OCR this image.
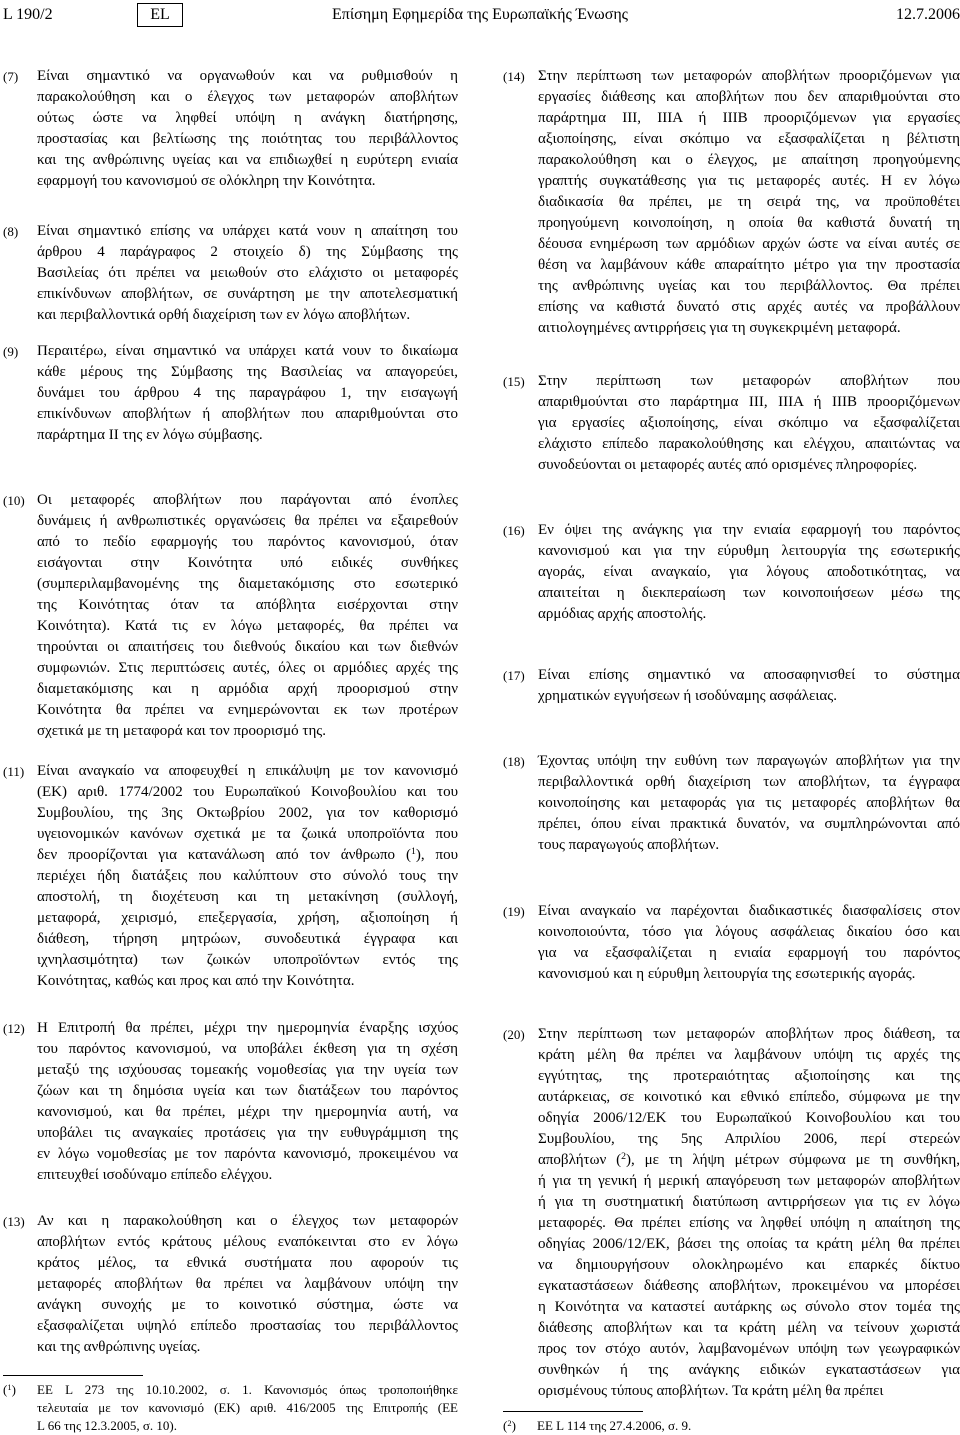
L 190/2	EL	Επίσημη Εφημερίδα της Ευρωπαϊκής Ένωσης	12.7.2006
(7) Είναι σημαντικό να οργανωθούν και να ρυθμισθούν η
παρακολούθηση και ο έλεγχος των μεταφορών αποβλήτων
ούτως ώστε να ληφθεί υπόψη η ανάγκη διατήρησης,
προστασίας και βελτίωσης της ποιότητας του περιβάλλοντος
και της ανθρώπινης υγείας και να επιδιωχθεί η ευρύτερη ενιαία
εφαρμογή του κανονισμού σε ολόκληρη την Κοινότητα.
(8) Είναι σημαντικό επίσης να υπάρχει κατά νουν η απαίτηση του
άρθρου 4 παράγραφος 2 στοιχείο δ) της Σύμβασης της
Βασιλείας ότι πρέπει να μειωθούν στο ελάχιστο οι μεταφορές
επικίνδυνων αποβλήτων, σε συνάρτηση με την αποτελεσματική
και περιβαλλοντικά ορθή διαχείριση των εν λόγω αποβλήτων.
(9) Περαιτέρω, είναι σημαντικό να υπάρχει κατά νουν το δικαίωμα
κάθε μέρους της Σύμβασης της Βασιλείας να απαγορεύει,
δυνάμει του άρθρου 4 της παραγράφου 1, την εισαγωγή
επικίνδυνων αποβλήτων ή αποβλήτων που απαριθμούνται στο
παράρτημα II της εν λόγω σύμβασης.
(10) Οι μεταφορές αποβλήτων που παράγονται από ένοπλες
δυνάμεις ή ανθρωπιστικές οργανώσεις θα πρέπει να εξαιρεθούν
από το πεδίο εφαρμογής του παρόντος κανονισμού, όταν
εισάγονται στην Κοινότητα υπό ειδικές συνθήκες
(συμπεριλαμβανομένης της διαμετακόμισης στο εσωτερικό
της Κοινότητας όταν τα απόβλητα εισέρχονται στην
Κοινότητα). Κατά τις εν λόγω μεταφορές, θα πρέπει να
τηρούνται οι απαιτήσεις του διεθνούς δικαίου και των διεθνών
συμφωνιών. Στις περιπτώσεις αυτές, όλες οι αρμόδιες αρχές της
διαμετακόμισης και η αρμόδια αρχή προορισμού στην
Κοινότητα θα πρέπει να ενημερώνονται εκ των προτέρων
σχετικά με τη μεταφορά και τον προορισμό της.
(11) Είναι αναγκαίο να αποφευχθεί η επικάλυψη με τον κανονισμό
(ΕΚ) αριθ. 1774/2002 του Ευρωπαϊκού Κοινοβουλίου και του
Συμβουλίου, της 3ης Οκτωβρίου 2002, για τον καθορισμό
υγειονομικών κανόνων σχετικά με τα ζωικά υποπροϊόντα που
δεν προορίζονται για κατανάλωση από τον άνθρωπο ($^1$), που
περιέχει ήδη διατάξεις που καλύπτουν στο σύνολό τους την
αποστολή, τη διοχέτευση και τη μετακίνηση (συλλογή,
μεταφορά, χειρισμό, επεξεργασία, χρήση, αξιοποίηση ή
διάθεση, τήρηση μητρώων, συνοδευτικά έγγραφα και
ιχνηλασιμότητα) των ζωικών υποπροϊόντων εντός της
Κοινότητας, καθώς και προς και από την Κοινότητα.
(12) Η Επιτροπή θα πρέπει, μέχρι την ημερομηνία έναρξης ισχύος
του παρόντος κανονισμού, να υποβάλει έκθεση για τη σχέση
μεταξύ της ισχύουσας τομεακής νομοθεσίας για την υγεία των
ζώων και τη δημόσια υγεία και των διατάξεων του παρόντος
κανονισμού, και θα πρέπει, μέχρι την ημερομηνία αυτή, να
υποβάλει τις αναγκαίες προτάσεις για την ευθυγράμμιση της
εν λόγω νομοθεσίας με τον παρόντα κανονισμό, προκειμένου να
επιτευχθεί ισοδύναμο επίπεδο ελέγχου.
(13) Αν και η παρακολούθηση και ο έλεγχος των μεταφορών
αποβλήτων εντός κράτους μέλους εναπόκεινται στο εν λόγω
κράτος μέλος, τα εθνικά συστήματα που αφορούν τις
μεταφορές αποβλήτων θα πρέπει να λαμβάνουν υπόψη την
ανάγκη συνοχής με το κοινοτικό σύστημα, ώστε να
εξασφαλίζεται υψηλό επίπεδο προστασίας του περιβάλλοντος
και της ανθρώπινης υγείας.
($^1$) ΕΕ L 273 της 10.10.2002, σ. 1. Κανονισμός όπως τροποποιήθηκε
τελευταία με τον κανονισμό (ΕΚ) αριθ. 416/2005 της Επιτροπής (ΕΕ
L 66 της 12.3.2005, σ. 10).
(14) Στην περίπτωση των μεταφορών αποβλήτων προοριζόμενων για
εργασίες διάθεσης και αποβλήτων που δεν απαριθμούνται στο
παράρτημα III, IIIA ή IIIB προοριζόμενων για εργασίες
αξιοποίησης, είναι σκόπιμο να εξασφαλίζεται η βέλτιστη
παρακολούθηση και ο έλεγχος, με απαίτηση προηγούμενης
γραπτής συγκατάθεσης για τις μεταφορές αυτές. Η εν λόγω
διαδικασία θα πρέπει, με τη σειρά της, να προϋποθέτει
προηγούμενη κοινοποίηση, η οποία θα καθιστά δυνατή τη
δέουσα ενημέρωση των αρμόδιων αρχών ώστε να είναι αυτές σε
θέση να λαμβάνουν κάθε απαραίτητο μέτρο για την προστασία
της ανθρώπινης υγείας και του περιβάλλοντος. Θα πρέπει
επίσης να καθιστά δυνατό στις αρχές αυτές να προβάλλουν
αιτιολογημένες αντιρρήσεις για τη συγκεκριμένη μεταφορά.
(15) Στην περίπτωση των μεταφορών αποβλήτων που
απαριθμούνται στο παράρτημα III, IIIA ή IIIB προοριζόμενων
για εργασίες αξιοποίησης, είναι σκόπιμο να εξασφαλίζεται
ελάχιστο επίπεδο παρακολούθησης και ελέγχου, απαιτώντας να
συνοδεύονται οι μεταφορές αυτές από ορισμένες πληροφορίες.
(16) Εν όψει της ανάγκης για την ενιαία εφαρμογή του παρόντος
κανονισμού και για την εύρυθμη λειτουργία της εσωτερικής
αγοράς, είναι αναγκαίο, για λόγους αποδοτικότητας, να
απαιτείται η διεκπεραίωση των κοινοποιήσεων μέσω της
αρμόδιας αρχής αποστολής.
(17) Είναι επίσης σημαντικό να αποσαφηνισθεί το σύστημα
χρηματικών εγγυήσεων ή ισοδύναμης ασφάλειας.
(18) Έχοντας υπόψη την ευθύνη των παραγωγών αποβλήτων για την
περιβαλλοντικά ορθή διαχείριση των αποβλήτων, τα έγγραφα
κοινοποίησης και μεταφοράς για τις μεταφορές αποβλήτων θα
πρέπει, όπου είναι πρακτικά δυνατόν, να συμπληρώνονται από
τους παραγωγούς αποβλήτων.
(19) Είναι αναγκαίο να παρέχονται διαδικαστικές διασφαλίσεις στον
κοινοποιούντα, τόσο για λόγους ασφάλειας δικαίου όσο και
για να εξασφαλίζεται η ενιαία εφαρμογή του παρόντος
κανονισμού και η εύρυθμη λειτουργία της εσωτερικής αγοράς.
(20) Στην περίπτωση των μεταφορών αποβλήτων προς διάθεση, τα
κράτη μέλη θα πρέπει να λαμβάνουν υπόψη τις αρχές της
εγγύτητας, της προτεραιότητας αξιοποίησης και της
αυτάρκειας, σε κοινοτικό και εθνικό επίπεδο, σύμφωνα με την
οδηγία 2006/12/ΕΚ του Ευρωπαϊκού Κοινοβουλίου και του
Συμβουλίου, της 5ης Απριλίου 2006, περί στερεών
αποβλήτων ($^2$), με τη λήψη μέτρων σύμφωνα με τη συνθήκη,
ή για τη γενική ή μερική απαγόρευση των μεταφορών αποβλήτων
ή για τη συστηματική διατύπωση αντιρρήσεων για τις εν λόγω
μεταφορές. Θα πρέπει επίσης να ληφθεί υπόψη η απαίτηση της
οδηγίας 2006/12/ΕΚ, βάσει της οποίας τα κράτη μέλη θα πρέπει
να δημιουργήσουν ολοκληρωμένο και επαρκές δίκτυο
εγκαταστάσεων διάθεσης αποβλήτων, προκειμένου να μπορέσει
η Κοινότητα να καταστεί αυτάρκης ως σύνολο στον τομέα της
διάθεσης αποβλήτων και τα κράτη μέλη να τείνουν χωριστά
προς τον στόχο αυτόν, λαμβανομένων υπόψη των γεωγραφικών
συνθηκών ή της ανάγκης ειδικών εγκαταστάσεων για
ορισμένους τύπους αποβλήτων. Τα κράτη μέλη θα πρέπει
($^2$) ΕΕ L 114 της 27.4.2006, σ. 9.
